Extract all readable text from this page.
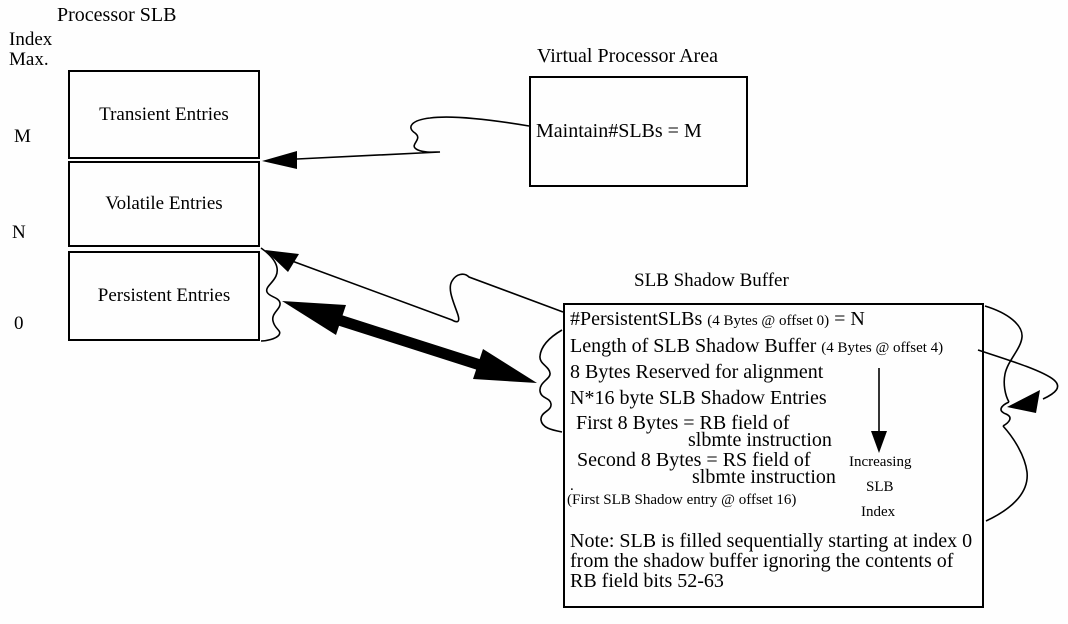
Processor SLB
Index
Max.
M
N
0
Transient Entries
Volatile Entries
Persistent Entries
Virtual Processor Area
Maintain#SLBs = M
SLB Shadow Buffer
#PersistentSLBs (4 Bytes @ offset 0) = N
Length of SLB Shadow Buffer (4 Bytes @ offset 4)
8 Bytes Reserved for alignment
N*16 byte SLB Shadow Entries
First 8 Bytes = RB field of
slbmte instruction
Second 8 Bytes = RS field of
slbmte instruction
.
(First SLB Shadow entry @ offset 16)
Increasing
SLB
Index
Note: SLB is filled sequentially starting at index 0
from the shadow buffer ignoring the contents of
RB field bits 52-63
